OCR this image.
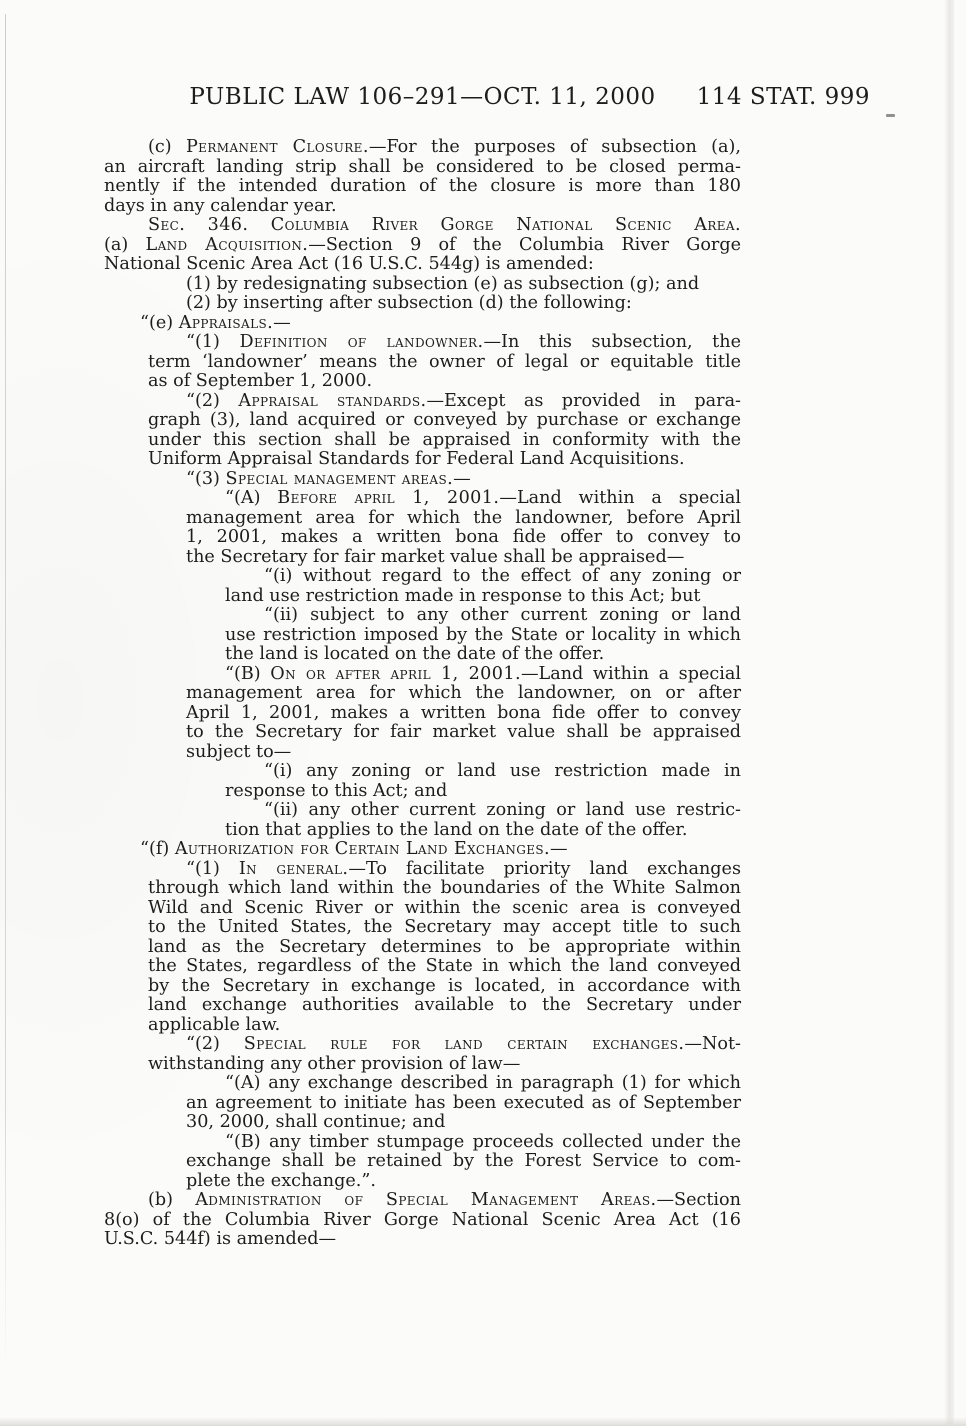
PUBLIC LAW 106–291—OCT. 11, 2000	114 STAT. 999
(c) Permanent Closure.—For the purposes of subsection (a),
an aircraft landing strip shall be considered to be closed perma-
nently if the intended duration of the closure is more than 180
days in any calendar year.
Sec. 346. Columbia River Gorge National Scenic Area.
(a) Land Acquisition.—Section 9 of the Columbia River Gorge
National Scenic Area Act (16 U.S.C. 544g) is amended:
(1) by redesignating subsection (e) as subsection (g); and
(2) by inserting after subsection (d) the following:
“(e) Appraisals.—
“(1) Definition of landowner.—In this subsection, the
term ‘landowner’ means the owner of legal or equitable title
as of September 1, 2000.
“(2) Appraisal standards.—Except as provided in para-
graph (3), land acquired or conveyed by purchase or exchange
under this section shall be appraised in conformity with the
Uniform Appraisal Standards for Federal Land Acquisitions.
“(3) Special management areas.—
“(A) Before april 1, 2001.—Land within a special
management area for which the landowner, before April
1, 2001, makes a written bona fide offer to convey to
the Secretary for fair market value shall be appraised—
“(i) without regard to the effect of any zoning or
land use restriction made in response to this Act; but
“(ii) subject to any other current zoning or land
use restriction imposed by the State or locality in which
the land is located on the date of the offer.
“(B) On or after april 1, 2001.—Land within a special
management area for which the landowner, on or after
April 1, 2001, makes a written bona fide offer to convey
to the Secretary for fair market value shall be appraised
subject to—
“(i) any zoning or land use restriction made in
response to this Act; and
“(ii) any other current zoning or land use restric-
tion that applies to the land on the date of the offer.
“(f) Authorization for Certain Land Exchanges.—
“(1) In general.—To facilitate priority land exchanges
through which land within the boundaries of the White Salmon
Wild and Scenic River or within the scenic area is conveyed
to the United States, the Secretary may accept title to such
land as the Secretary determines to be appropriate within
the States, regardless of the State in which the land conveyed
by the Secretary in exchange is located, in accordance with
land exchange authorities available to the Secretary under
applicable law.
“(2) Special rule for land certain exchanges.—Not-
withstanding any other provision of law—
“(A) any exchange described in paragraph (1) for which
an agreement to initiate has been executed as of September
30, 2000, shall continue; and
“(B) any timber stumpage proceeds collected under the
exchange shall be retained by the Forest Service to com-
plete the exchange.”.
(b) Administration of Special Management Areas.—Section
8(o) of the Columbia River Gorge National Scenic Area Act (16
U.S.C. 544f) is amended—
